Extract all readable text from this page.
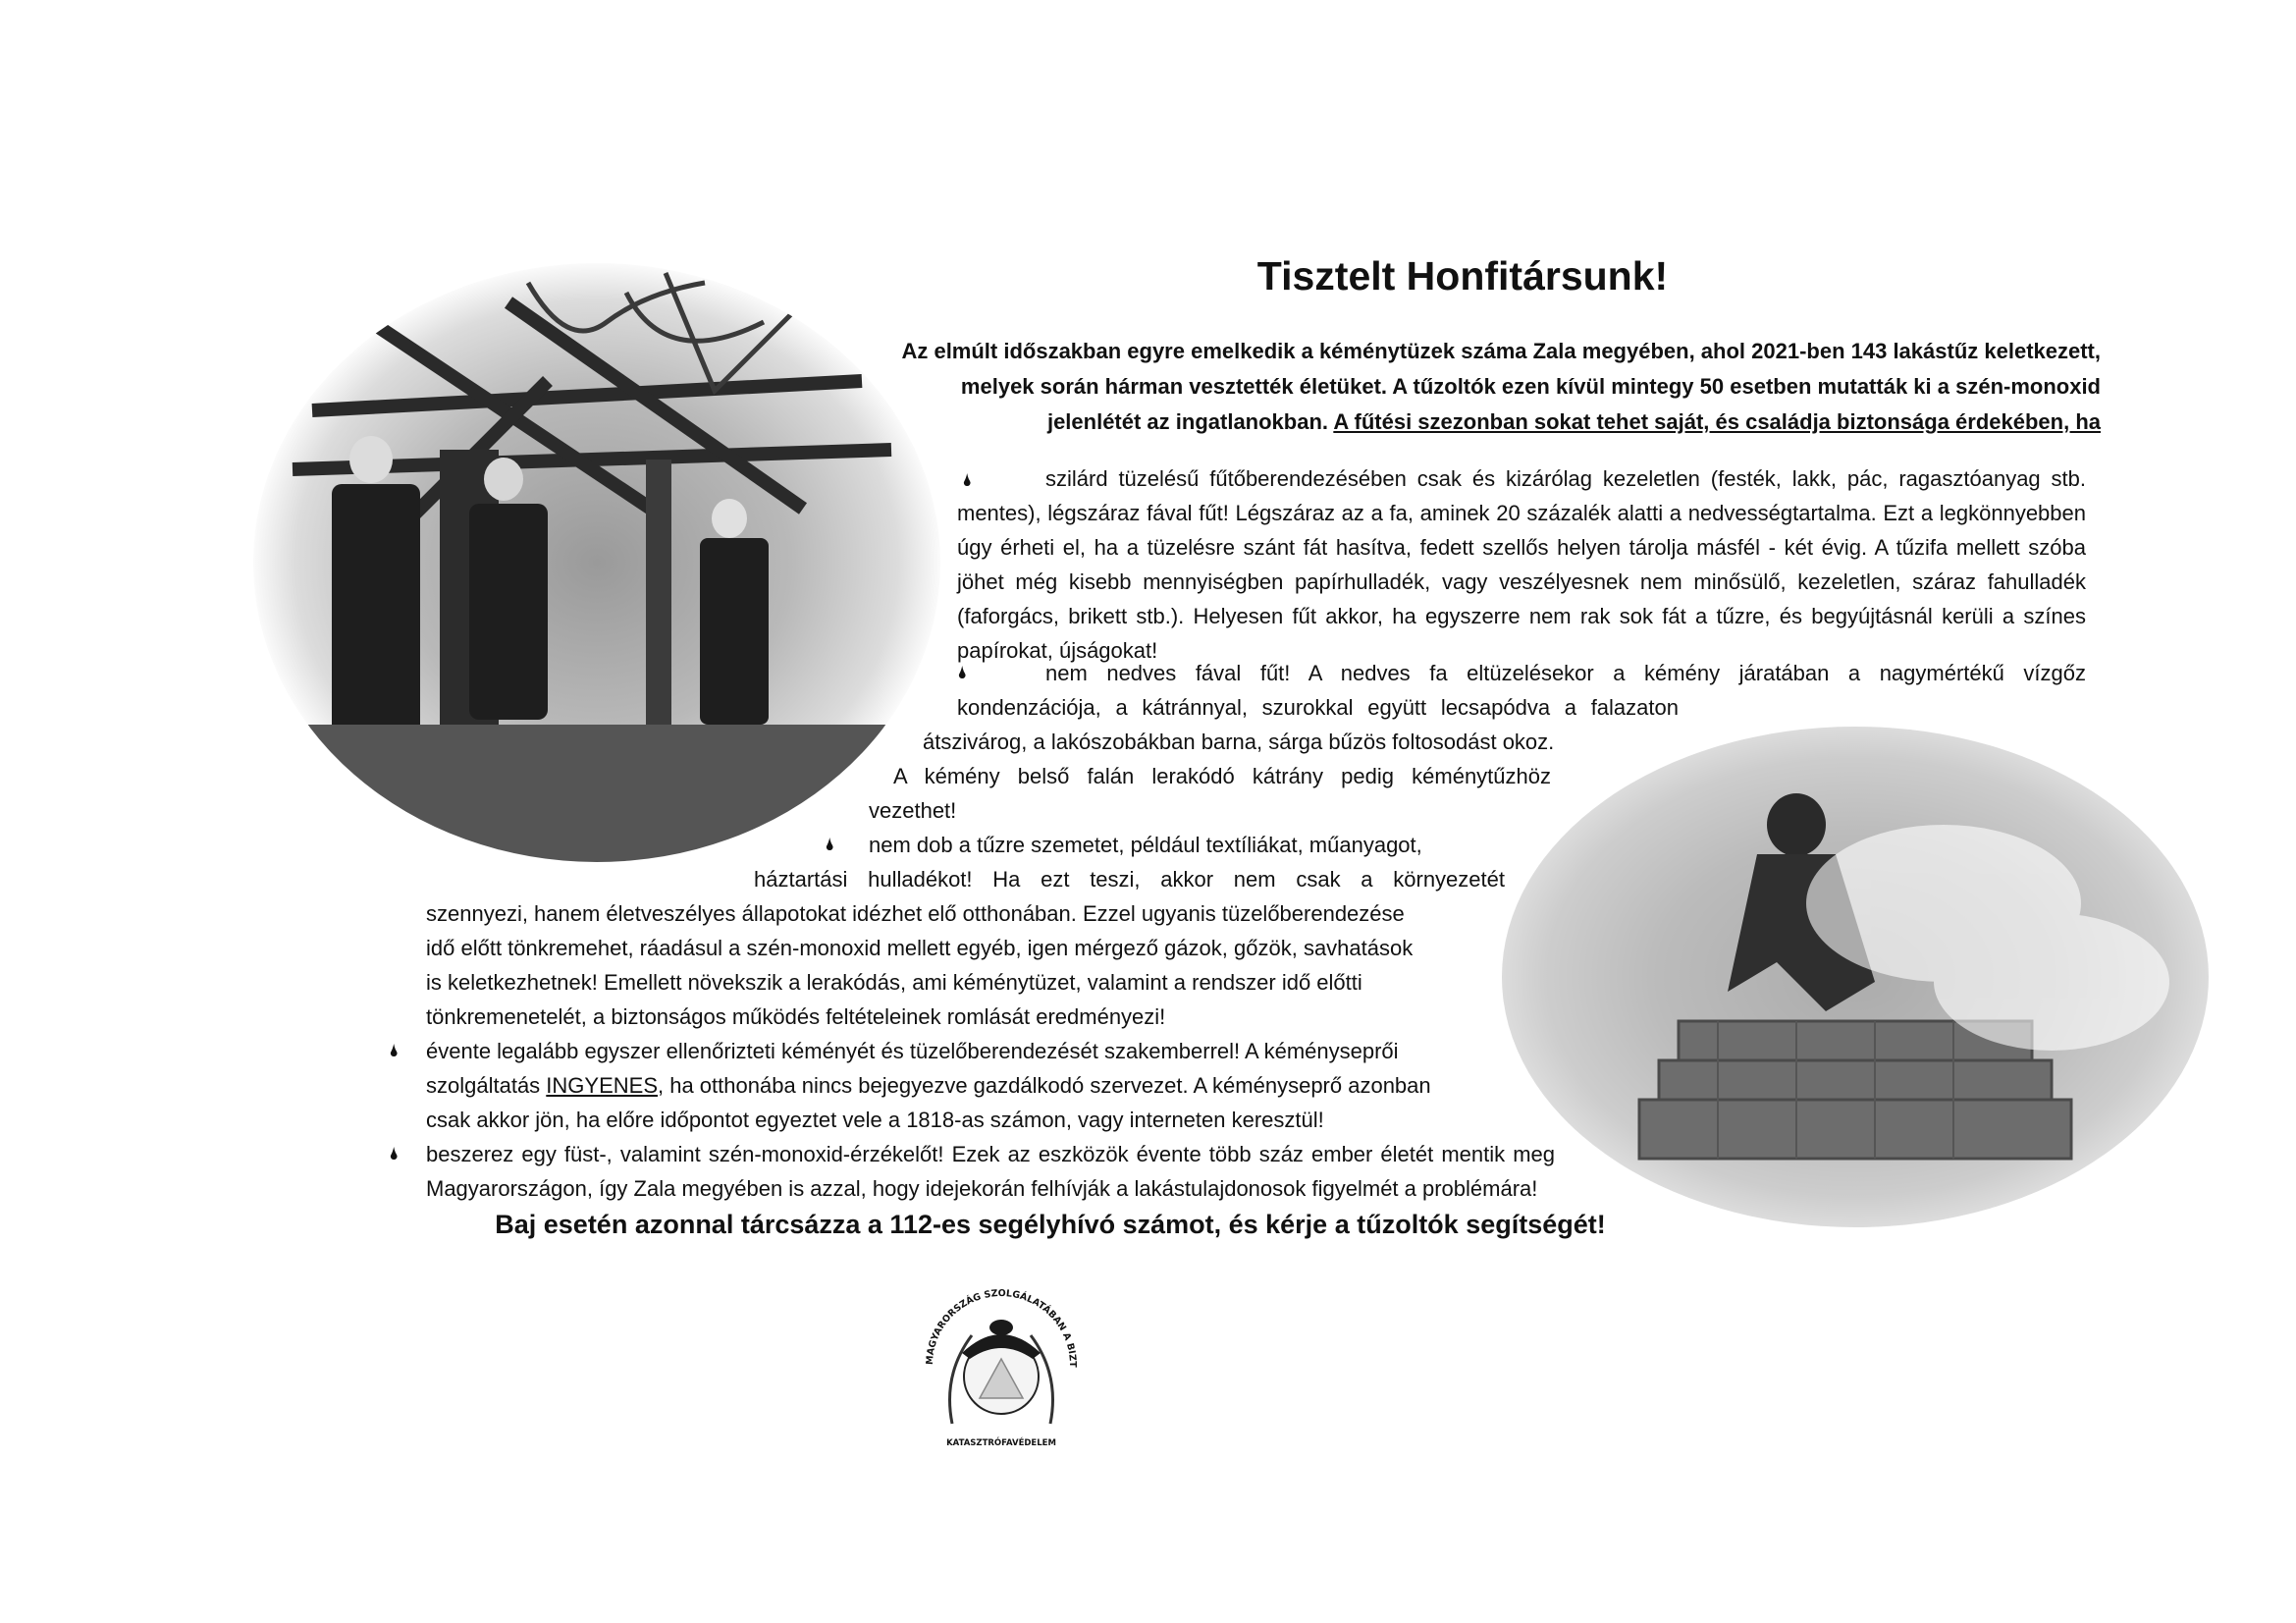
Tisztelt Honfitársunk!
Az elmúlt időszakban egyre emelkedik a kéménytüzek száma Zala megyében, ahol 2021-ben 143 lakástűz keletkezett, melyek során hárman vesztették életüket. A tűzoltók ezen kívül mintegy 50 esetben mutatták ki a szén-monoxid jelenlétét az ingatlanokban. A fűtési szezonban sokat tehet saját, és családja biztonsága érdekében, ha
🌢	szilárd tüzelésű fűtőberendezésében csak és kizárólag kezeletlen (festék, lakk, pác, ragasztóanyag stb. mentes), légszáraz fával fűt! Légszáraz az a fa, aminek 20 százalék alatti a nedvességtartalma. Ezt a legkönnyebben úgy érheti el, ha a tüzelésre szánt fát hasítva, fedett szellős helyen tárolja másfél - két évig. A tűzifa mellett szóba jöhet még kisebb mennyiségben papírhulladék, vagy veszélyesnek nem minősülő, kezeletlen, száraz fahulladék (faforgács, brikett stb.). Helyesen fűt akkor, ha egyszerre nem rak sok fát a tűzre, és begyújtásnál kerüli a színes papírokat, újságokat!
🌢	nem nedves fával fűt! A nedves fa eltüzelésekor a kémény járatában a nagymértékű vízgőz
kondenzációja, a kátránnyal, szurokkal együtt lecsapódva a falazaton
átszivárog, a lakószobákban barna, sárga bűzös foltosodást okoz.
A kémény belső falán lerakódó kátrány pedig kéménytűzhöz
vezethet!
🌢 nem dob a tűzre szemetet, például textíliákat, műanyagot,
háztartási hulladékot! Ha ezt teszi, akkor nem csak a környezetét
szennyezi, hanem életveszélyes állapotokat idézhet elő otthonában. Ezzel ugyanis tüzelőberendezése
idő előtt tönkremehet, ráadásul a szén-monoxid mellett egyéb, igen mérgező gázok, gőzök, savhatások
is keletkezhetnek! Emellett növekszik a lerakódás, ami kéménytüzet, valamint a rendszer idő előtti
tönkremenetelét, a biztonságos működés feltételeinek romlását eredményezi!
🌢 évente legalább egyszer ellenőrizteti kéményét és tüzelőberendezését szakemberrel! A kéményseprői
szolgáltatás INGYENES, ha otthonába nincs bejegyezve gazdálkodó szervezet. A kéményseprő azonban
csak akkor jön, ha előre időpontot egyeztet vele a 1818-as számon, vagy interneten keresztül!
🌢 beszerez egy füst-, valamint szén-monoxid-érzékelőt! Ezek az eszközök évente több száz ember életét mentik meg Magyarországon, így Zala megyében is azzal, hogy idejekorán felhívják a lakástulajdonosok figyelmét a problémára!
Baj esetén azonnal tárcsázza a 112-es segélyhívó számot, és kérje a tűzoltók segítségét!
MAGYARORSZÁG SZOLGÁLATÁBAN A BIZT
KATASZTRÓFAVÉDELEM
